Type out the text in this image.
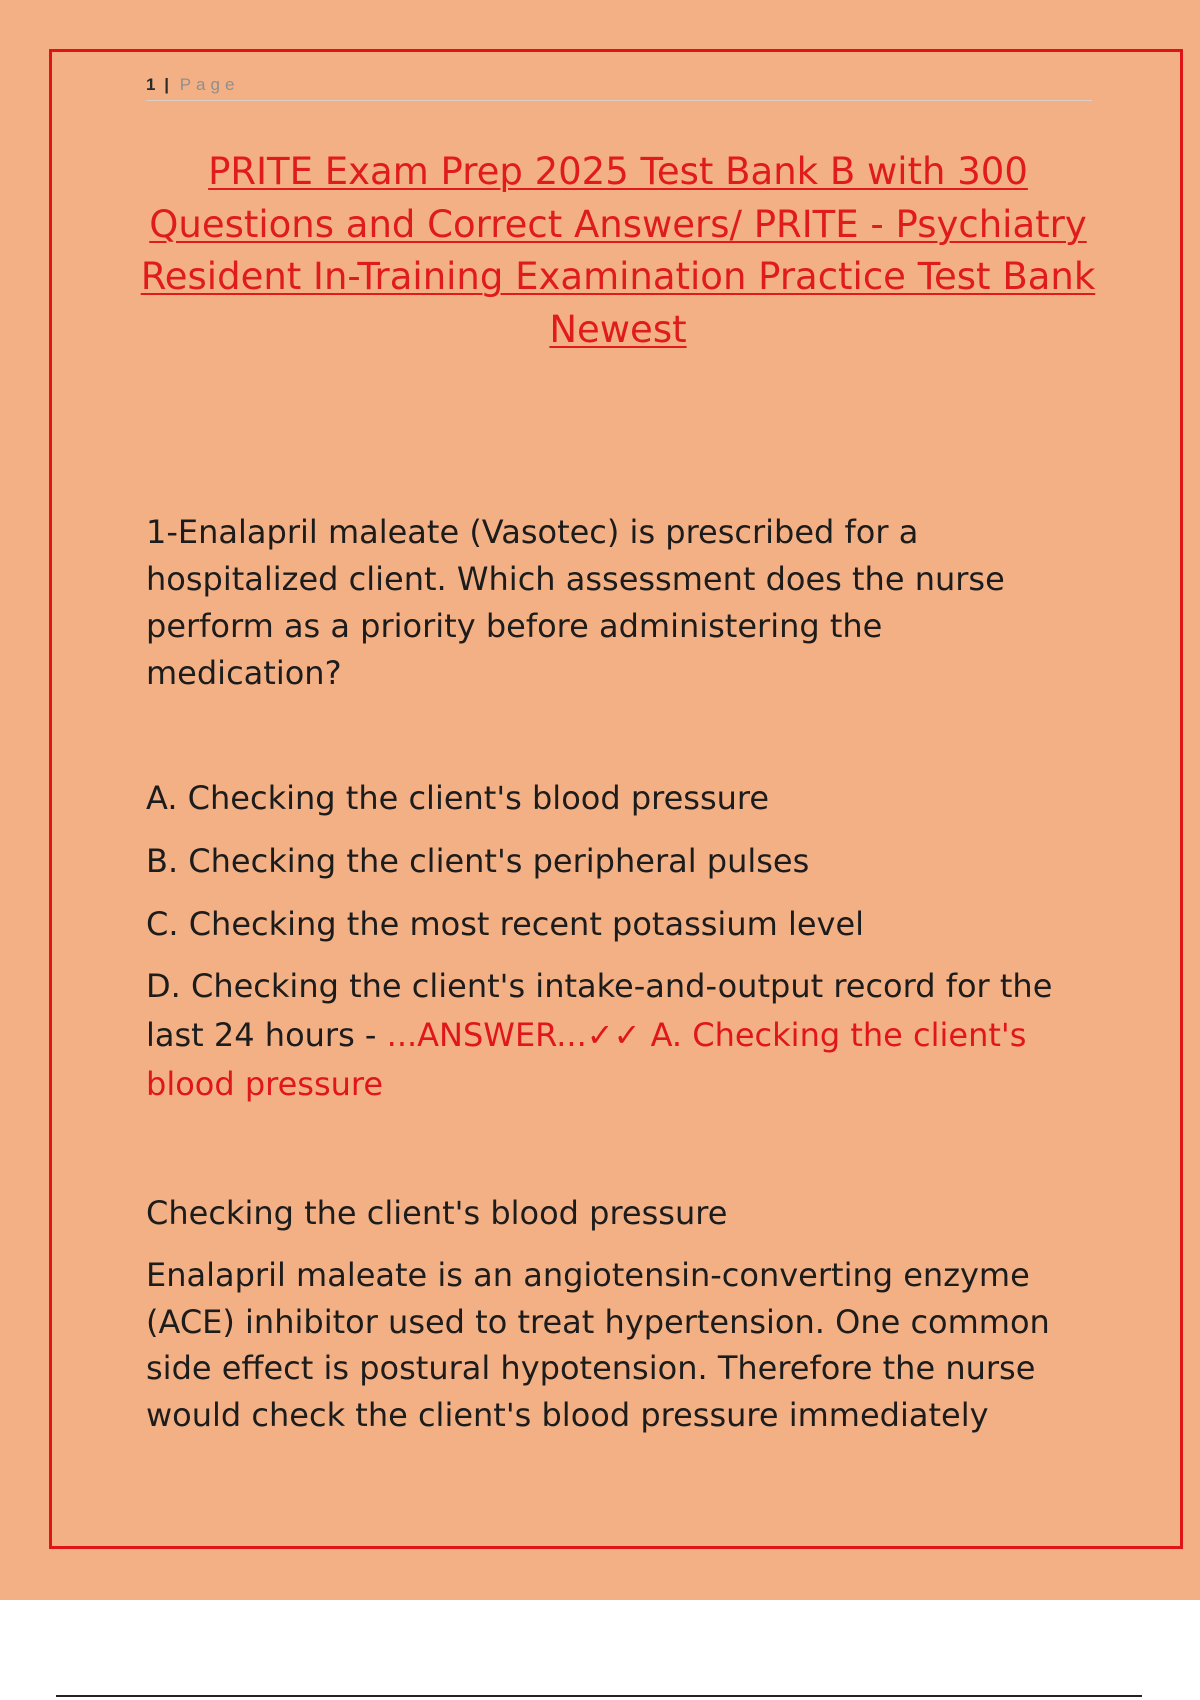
1 | Page
PRITE Exam Prep 2025 Test Bank B with 300 Questions and Correct Answers/ PRITE - Psychiatry Resident In-Training Examination Practice Test Bank Newest

1-Enalapril maleate (Vasotec) is prescribed for a hospitalized client. Which assessment does the nurse perform as a priority before administering the medication?

A. Checking the client's blood pressure
B. Checking the client's peripheral pulses
C. Checking the most recent potassium level
D. Checking the client's intake-and-output record for the last 24 hours - ...ANSWER...✓✓ A. Checking the client's blood pressure

Checking the client's blood pressure

Enalapril maleate is an angiotensin-converting enzyme (ACE) inhibitor used to treat hypertension. One common side effect is postural hypotension. Therefore the nurse would check the client's blood pressure immediately
